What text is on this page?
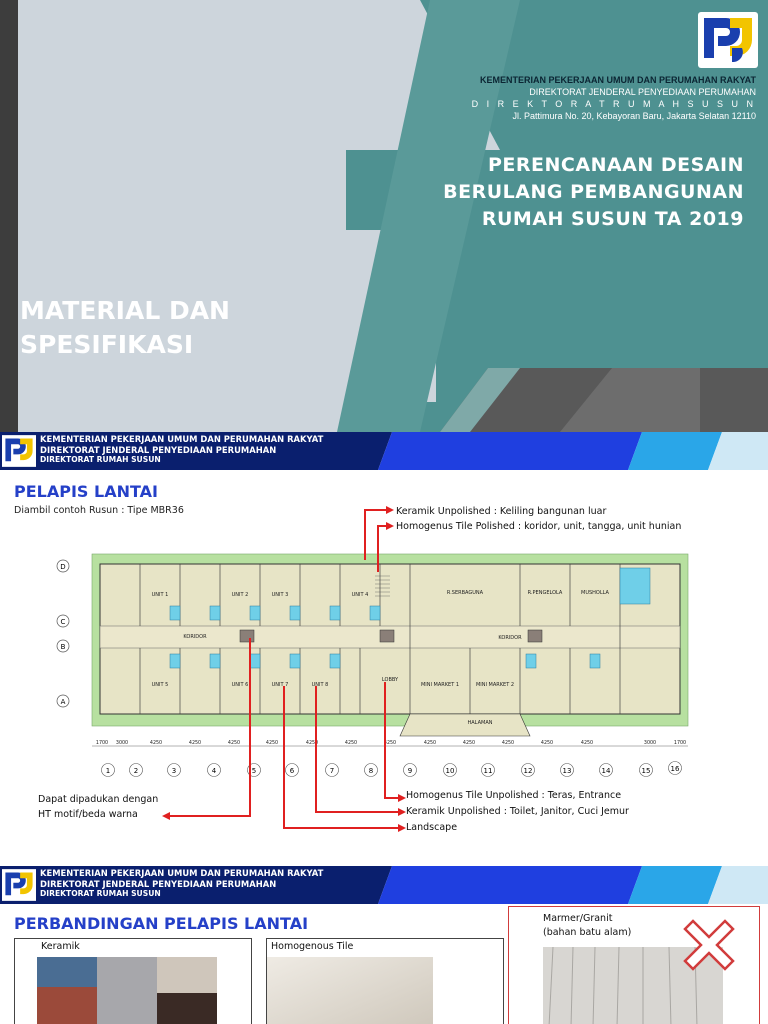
KEMENTERIAN PEKERJAAN UMUM DAN PERUMAHAN RAKYAT
DIREKTORAT JENDERAL PENYEDIAAN PERUMAHAN
D I R E K T O R A T R U M A H S U S U N
Jl. Pattimura No. 20, Kebayoran Baru, Jakarta Selatan 12110
PERENCANAAN DESAIN
BERULANG PEMBANGUNAN
RUMAH SUSUN TA 2019
MATERIAL DAN
SPESIFIKASI
KEMENTERIAN PEKERJAAN UMUM DAN PERUMAHAN RAKYAT
DIREKTORAT JENDERAL PENYEDIAAN PERUMAHAN
DIREKTORAT RUMAH SUSUN
PELAPIS LANTAI
Diambil contoh Rusun : Tipe MBR36	Keramik Unpolished : Keliling bangunan luar
Homogenus Tile Polished : koridor, unit, tangga, unit hunian
D
C
B
A
UNIT 1	UNIT 2	UNIT 3	UNIT 4
UNIT 5	UNIT 6	UNIT 7	UNIT 8
KORIDOR	KORIDOR
LOBBY
R.SERBAGUNA	R.PENGELOLA	MUSHOLLA
MINI MARKET 1	MINI MARKET 2
HALAMAN
1700 3000	4250	4250	4250	4250	4250	4250	4250	4250	4250	4250	4250	4250	3000	1700
1	2	3	4	5	6	7	8	9	10	11	12	13	14	15	16
Dapat dipadukan dengan
HT motif/beda warna
Homogenus Tile Unpolished : Teras, Entrance
Keramik Unpolished : Toilet, Janitor, Cuci Jemur
Landscape
KEMENTERIAN PEKERJAAN UMUM DAN PERUMAHAN RAKYAT
DIREKTORAT JENDERAL PENYEDIAAN PERUMAHAN
DIREKTORAT RUMAH SUSUN
PERBANDINGAN PELAPIS LANTAI
Keramik	Homogenous Tile
Marmer/Granit
(bahan batu alam)
